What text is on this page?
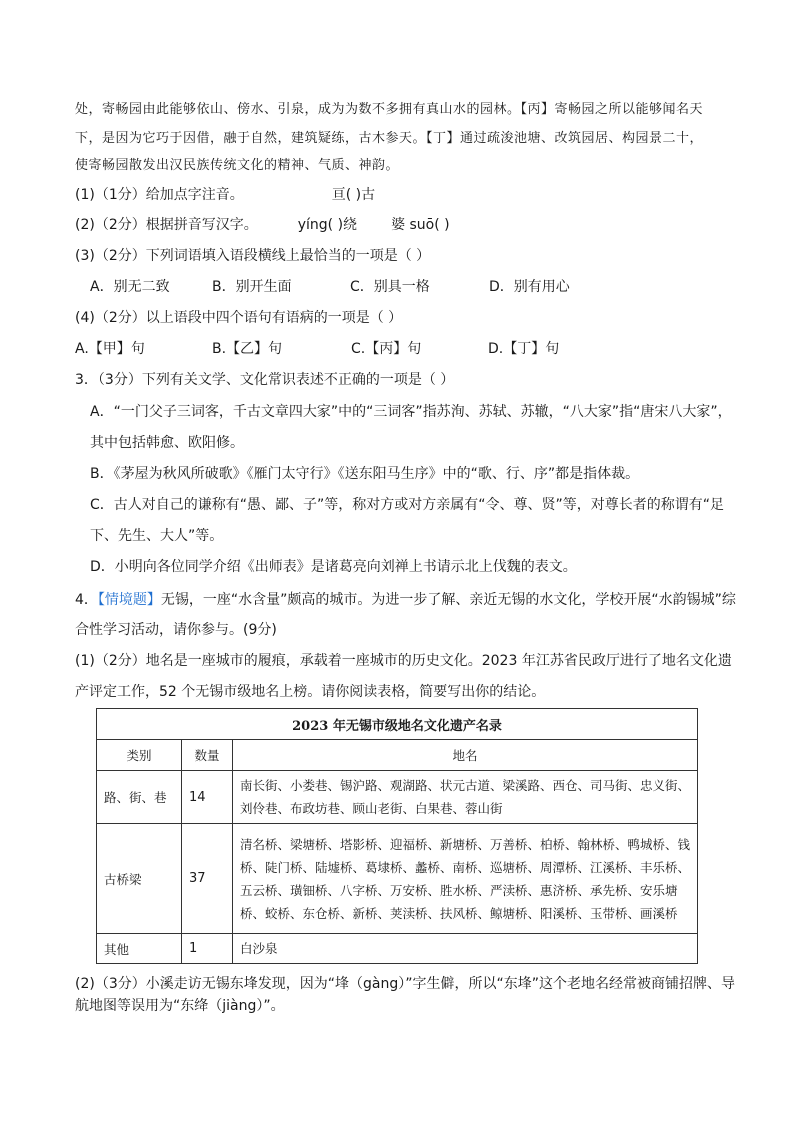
处，寄畅园由此能够依山、傍水、引泉，成为为数不多拥有真山水的园林。【丙】寄畅园之所以能够闻名天
下，是因为它巧于因借，融于自然，建筑疑练，古木参天。【丁】通过疏浚池塘、改筑园居、构园景二十，
使寄畅园散发出汉民族传统文化的精神、气质、神韵。
(1)（1分）给加点字注音。	亘( )古
(2)（2分）根据拼音写汉字。	yíng( )绕 婆 suō( )
(3)（2分）下列词语填入语段横线上最恰当的一项是（ ）
A．别无二致	B．别开生面	C．别具一格	D．别有用心
(4)（2分）以上语段中四个语句有语病的一项是（ ）
A.【甲】句	B.【乙】句	C.【丙】句	D.【丁】句
3．（3分）下列有关文学、文化常识表述不正确的一项是（ ）
A．“一门父子三词客，千古文章四大家”中的“三词客”指苏洵、苏轼、苏辙，“八大家”指“唐宋八大家”，
其中包括韩愈、欧阳修。
B．《茅屋为秋风所破歌》《雁门太守行》《送东阳马生序》中的“歌、行、序”都是指体裁。
C．古人对自己的谦称有“愚、鄙、子”等，称对方或对方亲属有“令、尊、贤”等，对尊长者的称谓有“足
下、先生、大人”等。
D．小明向各位同学介绍《出师表》是诸葛亮向刘禅上书请示北上伐魏的表文。
4．【情境题】无锡，一座“水含量”颇高的城市。为进一步了解、亲近无锡的水文化，学校开展“水韵锡城”综
合性学习活动，请你参与。(9分)
(1)（2分）地名是一座城市的履痕，承载着一座城市的历史文化。2023 年江苏省民政厅进行了地名文化遗
产评定工作，52 个无锡市级地名上榜。请你阅读表格，简要写出你的结论。
2023 年无锡市级地名文化遗产名录		
类别	数量	地名
路、街、巷	14	南长街、小娄巷、锡沪路、观湖路、状元古道、梁溪路、西仓、司马街、忠义街、刘伶巷、布政坊巷、顾山老街、白果巷、蓉山街
古桥梁	37	清名桥、梁塘桥、塔影桥、迎福桥、新塘桥、万善桥、柏桥、翰林桥、鸭城桥、钱桥、陡门桥、陆墟桥、葛埭桥、蠡桥、南桥、巡塘桥、周潭桥、江溪桥、丰乐桥、五云桥、璜钿桥、八字桥、万安桥、胜水桥、严渎桥、惠济桥、承先桥、安乐塘桥、蛟桥、东仓桥、新桥、荚渎桥、扶风桥、鲸塘桥、阳溪桥、玉带桥、画溪桥
其他	1	白沙泉
(2)（3分）小溪走访无锡东埄发现，因为“埄（gàng）”字生僻，所以“东埄”这个老地名经常被商铺招牌、导
航地图等误用为“东绛（jiàng）”。
